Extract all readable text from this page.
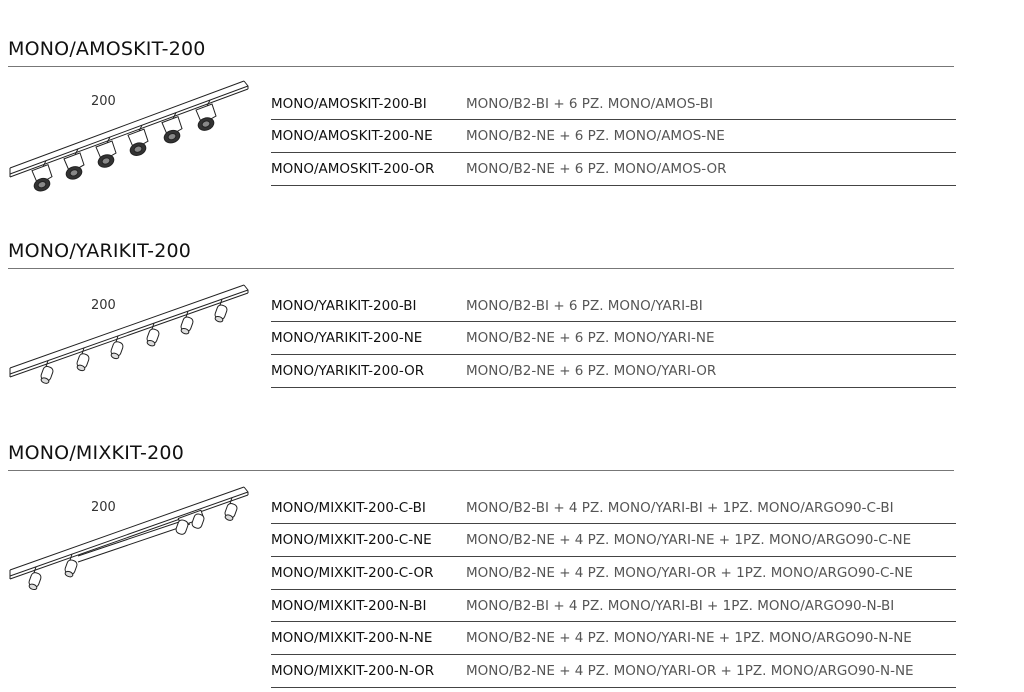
MONO/AMOSKIT-200
200	MONO/AMOSKIT-200-BI	MONO/B2-BI + 6 PZ. MONO/AMOS-BI
MONO/AMOSKIT-200-NE MONO/B2-NE + 6 PZ. MONO/AMOS-NE
MONO/AMOSKIT-200-OR MONO/B2-NE + 6 PZ. MONO/AMOS-OR
MONO/YARIKIT-200
200	MONO/YARIKIT-200-BI	MONO/B2-BI + 6 PZ. MONO/YARI-BI
MONO/YARIKIT-200-NE	MONO/B2-NE + 6 PZ. MONO/YARI-NE
MONO/YARIKIT-200-OR	MONO/B2-NE + 6 PZ. MONO/YARI-OR
MONO/MIXKIT-200
200	MONO/MIXKIT-200-C-BI	MONO/B2-BI + 4 PZ. MONO/YARI-BI + 1PZ. MONO/ARGO90-C-BI
MONO/MIXKIT-200-C-NE	MONO/B2-NE + 4 PZ. MONO/YARI-NE + 1PZ. MONO/ARGO90-C-NE
MONO/MIXKIT-200-C-OR MONO/B2-NE + 4 PZ. MONO/YARI-OR + 1PZ. MONO/ARGO90-C-NE
MONO/MIXKIT-200-N-BI	MONO/B2-BI + 4 PZ. MONO/YARI-BI + 1PZ. MONO/ARGO90-N-BI
MONO/MIXKIT-200-N-NE MONO/B2-NE + 4 PZ. MONO/YARI-NE + 1PZ. MONO/ARGO90-N-NE
MONO/MIXKIT-200-N-OR MONO/B2-NE + 4 PZ. MONO/YARI-OR + 1PZ. MONO/ARGO90-N-NE
